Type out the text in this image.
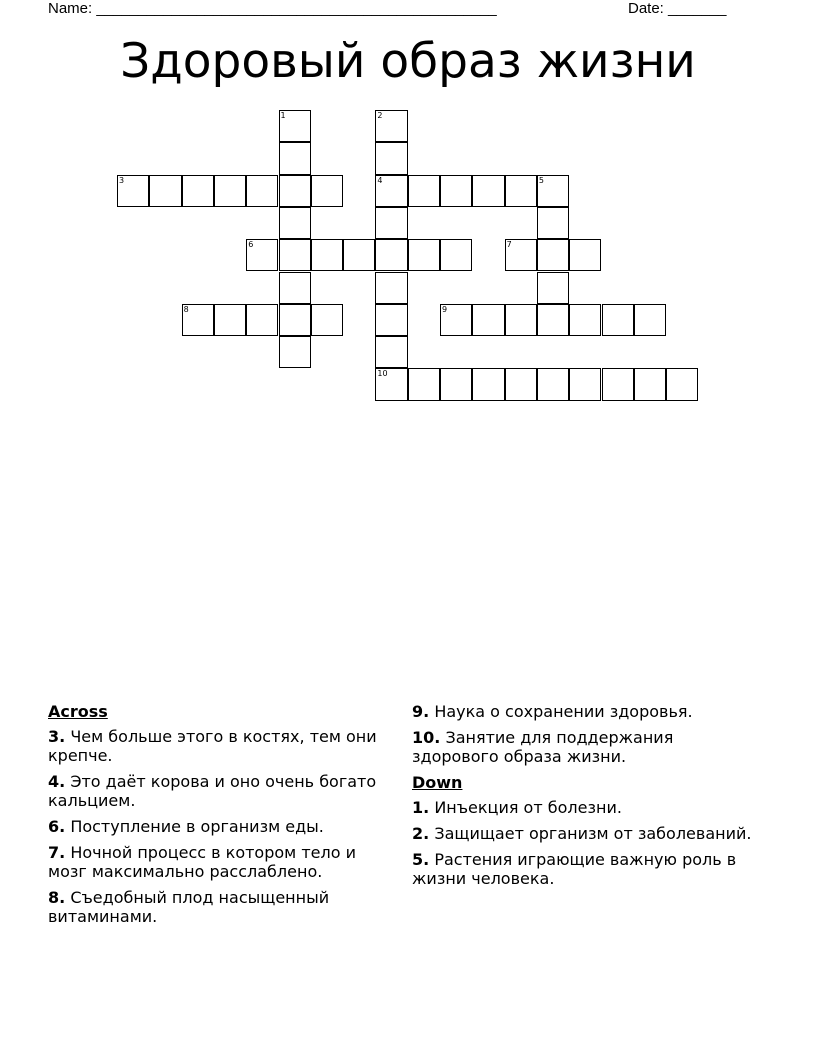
Name: ________________________________________________	Date: _______
Здоровый образ жизни
1	2
4
10
3	5
6	7
8	9
Across
3. Чем больше этого в костях, тем они крепче.
4. Это даёт корова и оно очень богато кальцием.
6. Поступление в организм еды.
7. Ночной процесс в котором тело и мозг максимально расслаблено.
8. Съедобный плод насыщенный витаминами.
9. Наука о сохранении здоровья.
10. Занятие для поддержания здорового образа жизни.
Down
1. Инъекция от болезни.
2. Защищает организм от заболеваний.
5. Растения играющие важную роль в жизни человека.
